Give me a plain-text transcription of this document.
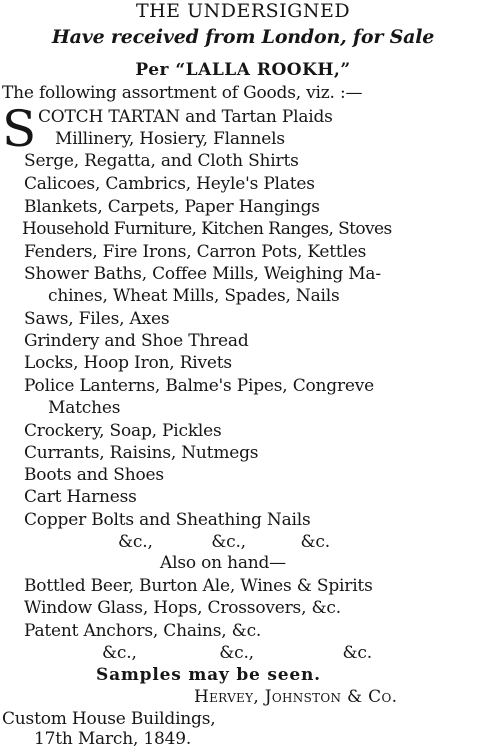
THE UNDERSIGNED
Have received from London, for Sale
Per “LALLA ROOKH,”
The following assortment of Goods, viz. :—
S COTCH TARTAN and Tartan Plaids
Millinery, Hosiery, Flannels
Serge, Regatta, and Cloth Shirts
Calicoes, Cambrics, Heyle's Plates
Blankets, Carpets, Paper Hangings
Household Furniture, Kitchen Ranges, Stoves
Fenders, Fire Irons, Carron Pots, Kettles
Shower Baths, Coffee Mills, Weighing Ma-
chines, Wheat Mills, Spades, Nails
Saws, Files, Axes
Grindery and Shoe Thread
Locks, Hoop Iron, Rivets
Police Lanterns, Balme's Pipes, Congreve
Matches
Crockery, Soap, Pickles
Currants, Raisins, Nutmegs
Boots and Shoes
Cart Harness
Copper Bolts and Sheathing Nails
&c.,	&c.,	&c.
Also on hand—
Bottled Beer, Burton Ale, Wines & Spirits
Window Glass, Hops, Crossovers, &c.
Patent Anchors, Chains, &c.
&c.,	&c.,	&c.
Samples may be seen.
Hervey, Johnston & Co.
Custom House Buildings,
17th March, 1849.
